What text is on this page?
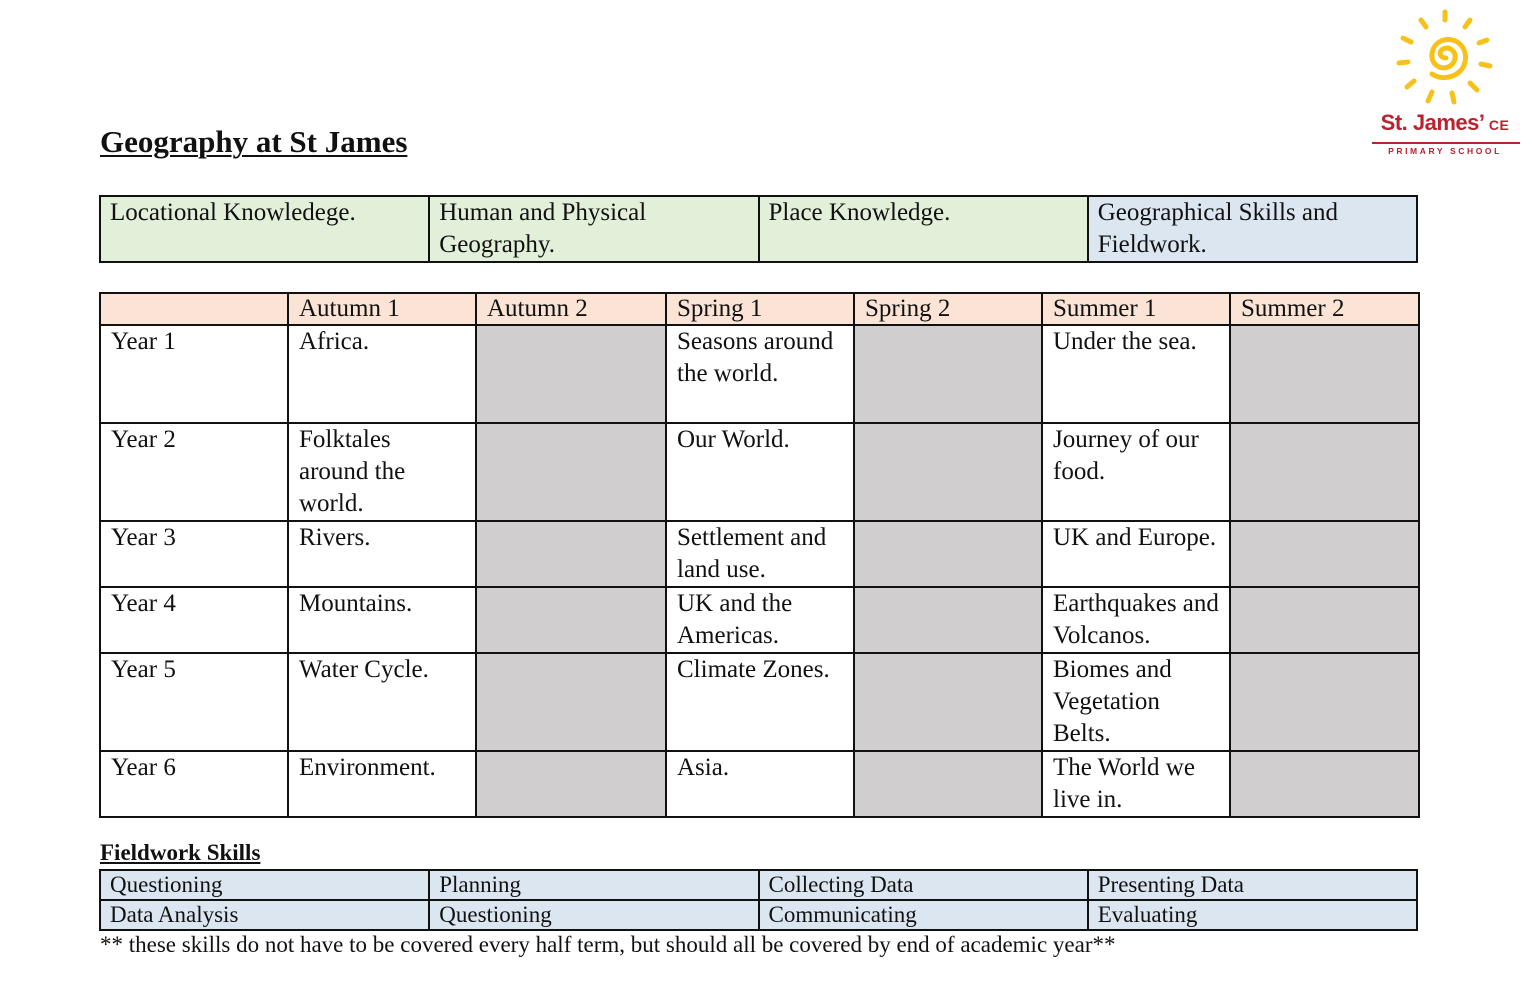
Geography at St James
St. James’ CE
PRIMARY SCHOOL
Locational Knowledege.	Human and Physical Geography.	Place Knowledge.	Geographical Skills and Fieldwork.
	Autumn 1	Autumn 2	Spring 1	Spring 2	Summer 1	Summer 2
Year 1	Africa.		Seasons around the world.		Under the sea.	
Year 2	Folktales around the world.		Our World.		Journey of our food.	
Year 3	Rivers.		Settlement and land use.		UK and Europe.	
Year 4	Mountains.		UK and the Americas.		Earthquakes and Volcanos.	
Year 5	Water Cycle.		Climate Zones.		Biomes and Vegetation Belts.	
Year 6	Environment.		Asia.		The World we live in.	
Fieldwork Skills
Questioning	Planning	Collecting Data	Presenting Data
Data Analysis	Questioning	Communicating	Evaluating
** these skills do not have to be covered every half term, but should all be covered by end of academic year**
